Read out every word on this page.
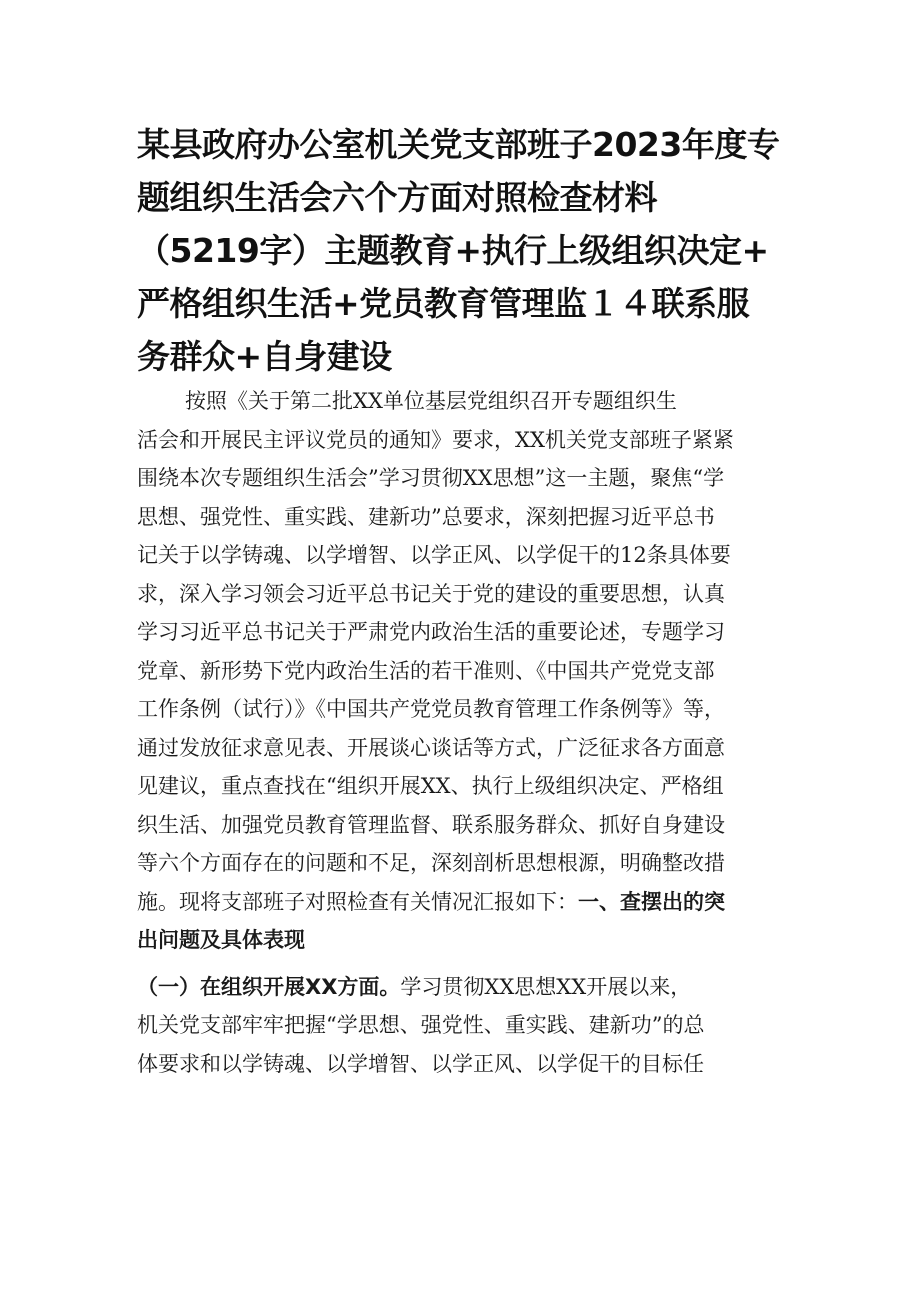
某县政府办公室机关党支部班子2023年度专
题组织生活会六个方面对照检查材料
（5219字）主题教育+执行上级组织决定+
严格组织生活+党员教育管理监１４联系服
务群众+自身建设
按照《关于第二批XX单位基层党组织召开专题组织生
活会和开展民主评议党员的通知》要求，XX机关党支部班子紧紧
围绕本次专题组织生活会”学习贯彻XX思想”这一主题，聚焦“学
思想、强党性、重实践、建新功”总要求，深刻把握习近平总书
记关于以学铸魂、以学增智、以学正风、以学促干的12条具体要
求，深入学习领会习近平总书记关于党的建设的重要思想，认真
学习习近平总书记关于严肃党内政治生活的重要论述，专题学习
党章、新形势下党内政治生活的若干准则、《中国共产党党支部
工作条例（试行）》《中国共产党党员教育管理工作条例等》等，
通过发放征求意见表、开展谈心谈话等方式，广泛征求各方面意
见建议，重点查找在“组织开展XX、执行上级组织决定、严格组
织生活、加强党员教育管理监督、联系服务群众、抓好自身建设
等六个方面存在的问题和不足，深刻剖析思想根源，明确整改措
施。现将支部班子对照检查有关情况汇报如下：一、查摆出的突
出问题及具体表现
（一）在组织开展XX方面。学习贯彻XX思想XX开展以来，
机关党支部牢牢把握“学思想、强党性、重实践、建新功”的总
体要求和以学铸魂、以学增智、以学正风、以学促干的目标任
